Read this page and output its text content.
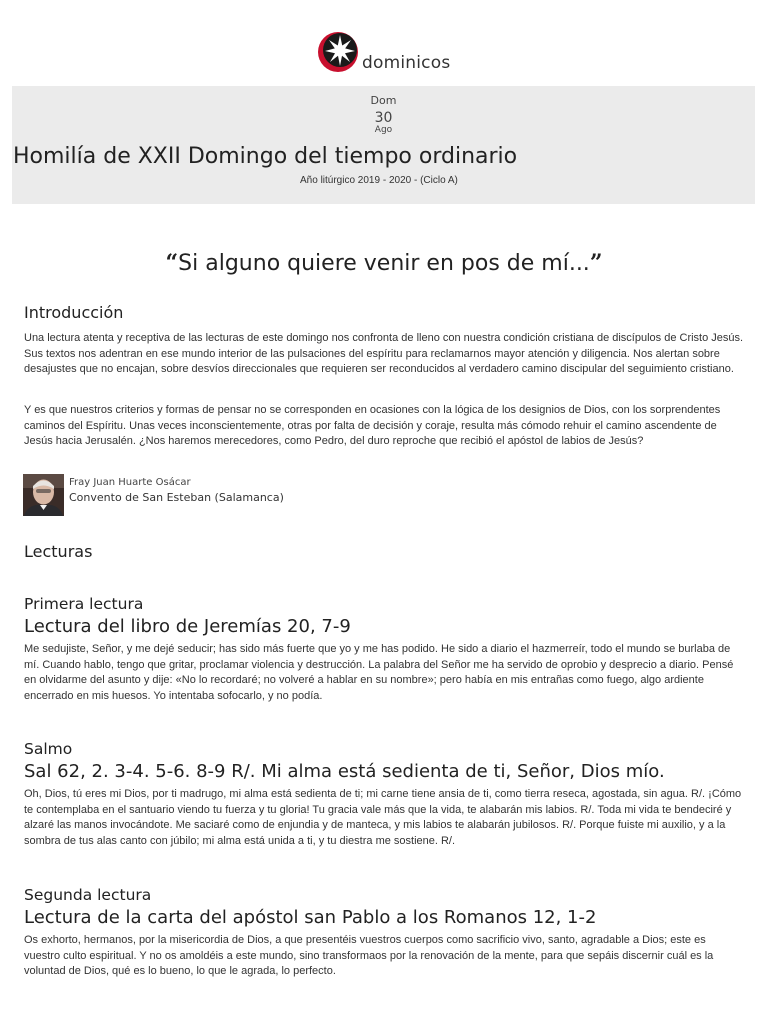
dominicos
Dom
30
Ago
Homilía de XXII Domingo del tiempo ordinario
Año litúrgico 2019 - 2020 - (Ciclo A)
“Si alguno quiere venir en pos de mí...”
Introducción

Una lectura atenta y receptiva de las lecturas de este domingo nos confronta de lleno con nuestra condición cristiana de discípulos de Cristo Jesús. Sus textos nos adentran en ese mundo interior de las pulsaciones del espíritu para reclamarnos mayor atención y diligencia. Nos alertan sobre desajustes que no encajan, sobre desvíos direccionales que requieren ser reconducidos al verdadero camino discipular del seguimiento cristiano.

Y es que nuestros criterios y formas de pensar no se corresponden en ocasiones con la lógica de los designios de Dios, con los sorprendentes caminos del Espíritu. Unas veces inconscientemente, otras por falta de decisión y coraje, resulta más cómodo rehuir el camino ascendente de Jesús hacia Jerusalén. ¿Nos haremos merecedores, como Pedro, del duro reproche que recibió el apóstol de labios de Jesús?

Fray Juan Huarte Osácar
Convento de San Esteban (Salamanca)
Lecturas
Primera lectura
Lectura del libro de Jeremías 20, 7-9

Me sedujiste, Señor, y me dejé seducir; has sido más fuerte que yo y me has podido. He sido a diario el hazmerreír, todo el mundo se burlaba de mí. Cuando hablo, tengo que gritar, proclamar violencia y destrucción. La palabra del Señor me ha servido de oprobio y desprecio a diario. Pensé en olvidarme del asunto y dije: «No lo recordaré; no volveré a hablar en su nombre»; pero había en mis entrañas como fuego, algo ardiente encerrado en mis huesos. Yo intentaba sofocarlo, y no podía.

Salmo
Sal 62, 2. 3-4. 5-6. 8-9 R/. Mi alma está sedienta de ti, Señor, Dios mío.

Oh, Dios, tú eres mi Dios, por ti madrugo, mi alma está sedienta de ti; mi carne tiene ansia de ti, como tierra reseca, agostada, sin agua. R/. ¡Cómo te contemplaba en el santuario viendo tu fuerza y tu gloria! Tu gracia vale más que la vida, te alabarán mis labios. R/. Toda mi vida te bendeciré y alzaré las manos invocándote. Me saciaré como de enjundia y de manteca, y mis labios te alabarán jubilosos. R/. Porque fuiste mi auxilio, y a la sombra de tus alas canto con júbilo; mi alma está unida a ti, y tu diestra me sostiene. R/.

Segunda lectura
Lectura de la carta del apóstol san Pablo a los Romanos 12, 1-2

Os exhorto, hermanos, por la misericordia de Dios, a que presentéis vuestros cuerpos como sacrificio vivo, santo, agradable a Dios; este es vuestro culto espiritual. Y no os amoldéis a este mundo, sino transformaos por la renovación de la mente, para que sepáis discernir cuál es la voluntad de Dios, qué es lo bueno, lo que le agrada, lo perfecto.
